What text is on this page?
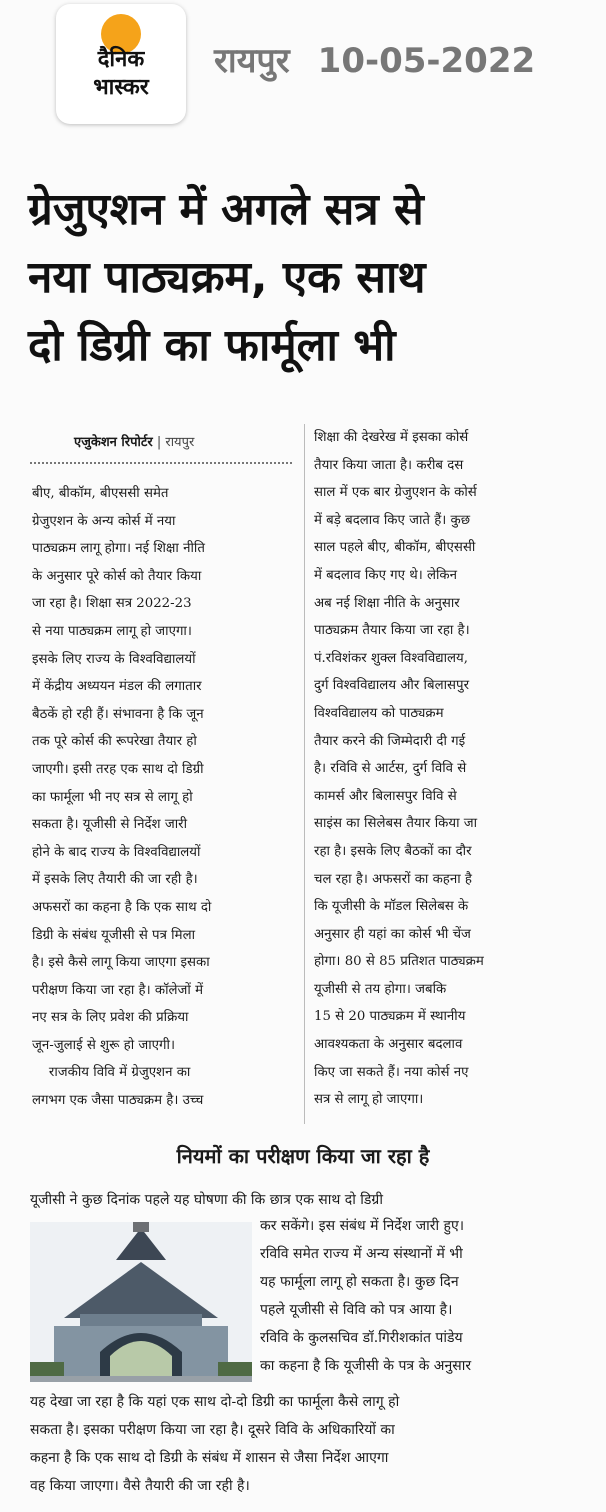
दैनिक
भास्कर
रायपुर 10-05-2022
ग्रेजुएशन में अगले सत्र से
नया पाठ्यक्रम, एक साथ
दो डिग्री का फार्मूला भी
एजुकेशन रिपोर्टर | रायपुर
बीए, बीकॉम, बीएससी समेत
ग्रेजुएशन के अन्य कोर्स में नया
पाठ्यक्रम लागू होगा। नई शिक्षा नीति
के अनुसार पूरे कोर्स को तैयार किया
जा रहा है। शिक्षा सत्र 2022-23
से नया पाठ्यक्रम लागू हो जाएगा।
इसके लिए राज्य के विश्वविद्यालयों
में केंद्रीय अध्ययन मंडल की लगातार
बैठकें हो रही हैं। संभावना है कि जून
तक पूरे कोर्स की रूपरेखा तैयार हो
जाएगी। इसी तरह एक साथ दो डिग्री
का फार्मूला भी नए सत्र से लागू हो
सकता है। यूजीसी से निर्देश जारी
होने के बाद राज्य के विश्वविद्यालयों
में इसके लिए तैयारी की जा रही है।
अफसरों का कहना है कि एक साथ दो
डिग्री के संबंध यूजीसी से पत्र मिला
है। इसे कैसे लागू किया जाएगा इसका
परीक्षण किया जा रहा है। कॉलेजों में
नए सत्र के लिए प्रवेश की प्रक्रिया
जून-जुलाई से शुरू हो जाएगी।
राजकीय विवि में ग्रेजुएशन का
लगभग एक जैसा पाठ्यक्रम है। उच्च
शिक्षा की देखरेख में इसका कोर्स
तैयार किया जाता है। करीब दस
साल में एक बार ग्रेजुएशन के कोर्स
में बड़े बदलाव किए जाते हैं। कुछ
साल पहले बीए, बीकॉम, बीएससी
में बदलाव किए गए थे। लेकिन
अब नई शिक्षा नीति के अनुसार
पाठ्यक्रम तैयार किया जा रहा है।
पं.रविशंकर शुक्ल विश्वविद्यालय,
दुर्ग विश्वविद्यालय और बिलासपुर
विश्वविद्यालय को पाठ्यक्रम
तैयार करने की जिम्मेदारी दी गई
है। रविवि से आर्टस, दुर्ग विवि से
कामर्स और बिलासपुर विवि से
साइंस का सिलेबस तैयार किया जा
रहा है। इसके लिए बैठकों का दौर
चल रहा है। अफसरों का कहना है
कि यूजीसी के मॉडल सिलेबस के
अनुसार ही यहां का कोर्स भी चेंज
होगा। 80 से 85 प्रतिशत पाठ्यक्रम
यूजीसी से तय होगा। जबकि
15 से 20 पाठ्यक्रम में स्थानीय
आवश्यकता के अनुसार बदलाव
किए जा सकते हैं। नया कोर्स नए
सत्र से लागू हो जाएगा।
नियमों का परीक्षण किया जा रहा है
यूजीसी ने कुछ दिनांक पहले यह घोषणा की कि छात्र एक साथ दो डिग्री
कर सकेंगे। इस संबंध में निर्देश जारी हुए।
रविवि समेत राज्य में अन्य संस्थानों में भी
यह फार्मूला लागू हो सकता है। कुछ दिन
पहले यूजीसी से विवि को पत्र आया है।
रविवि के कुलसचिव डॉ.गिरीशकांत पांडेय
का कहना है कि यूजीसी के पत्र के अनुसार
यह देखा जा रहा है कि यहां एक साथ दो-दो डिग्री का फार्मूला कैसे लागू हो
सकता है। इसका परीक्षण किया जा रहा है। दूसरे विवि के अधिकारियों का
कहना है कि एक साथ दो डिग्री के संबंध में शासन से जैसा निर्देश आएगा
वह किया जाएगा। वैसे तैयारी की जा रही है।
